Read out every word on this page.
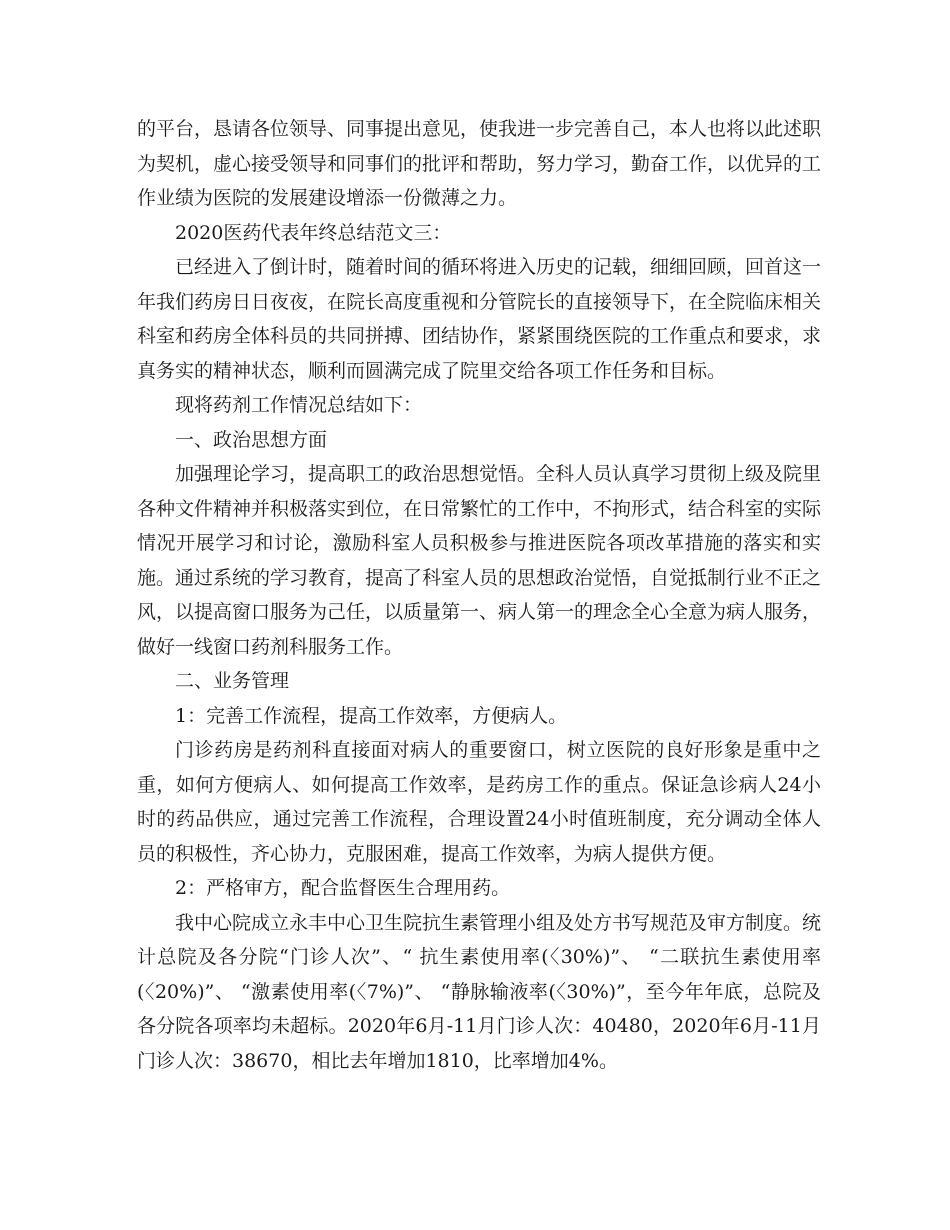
的平台，恳请各位领导、同事提出意见，使我进一步完善自己，本人也将以此述职为契机，虚心接受领导和同事们的批评和帮助，努力学习，勤奋工作，以优异的工作业绩为医院的发展建设增添一份微薄之力。

2020医药代表年终总结范文三：

已经进入了倒计时，随着时间的循环将进入历史的记载，细细回顾，回首这一年我们药房日日夜夜，在院长高度重视和分管院长的直接领导下，在全院临床相关科室和药房全体科员的共同拼搏、团结协作，紧紧围绕医院的工作重点和要求，求真务实的精神状态，顺利而圆满完成了院里交给各项工作任务和目标。

现将药剂工作情况总结如下：

一、政治思想方面

加强理论学习，提高职工的政治思想觉悟。全科人员认真学习贯彻上级及院里各种文件精神并积极落实到位，在日常繁忙的工作中，不拘形式，结合科室的实际情况开展学习和讨论，激励科室人员积极参与推进医院各项改革措施的落实和实施。通过系统的学习教育，提高了科室人员的思想政治觉悟，自觉抵制行业不正之风，以提高窗口服务为己任，以质量第一、病人第一的理念全心全意为病人服务，做好一线窗口药剂科服务工作。

二、业务管理

1：完善工作流程，提高工作效率，方便病人。

门诊药房是药剂科直接面对病人的重要窗口，树立医院的良好形象是重中之重，如何方便病人、如何提高工作效率，是药房工作的重点。保证急诊病人24小时的药品供应，通过完善工作流程，合理设置24小时值班制度，充分调动全体人员的积极性，齐心协力，克服困难，提高工作效率，为病人提供方便。

2：严格审方，配合监督医生合理用药。

我中心院成立永丰中心卫生院抗生素管理小组及处方书写规范及审方制度。统计总院及各分院“门诊人次”、“ 抗生素使用率(〈30%)”、 “二联抗生素使用率 (〈20%)”、 “激素使用率(〈7%)”、 “静脉输液率(〈30%)”，至今年年底，总院及各分院各项率均未超标。2020年6月-11月门诊人次：40480，2020年6月-11月门诊人次：38670，相比去年增加1810，比率增加4%。
